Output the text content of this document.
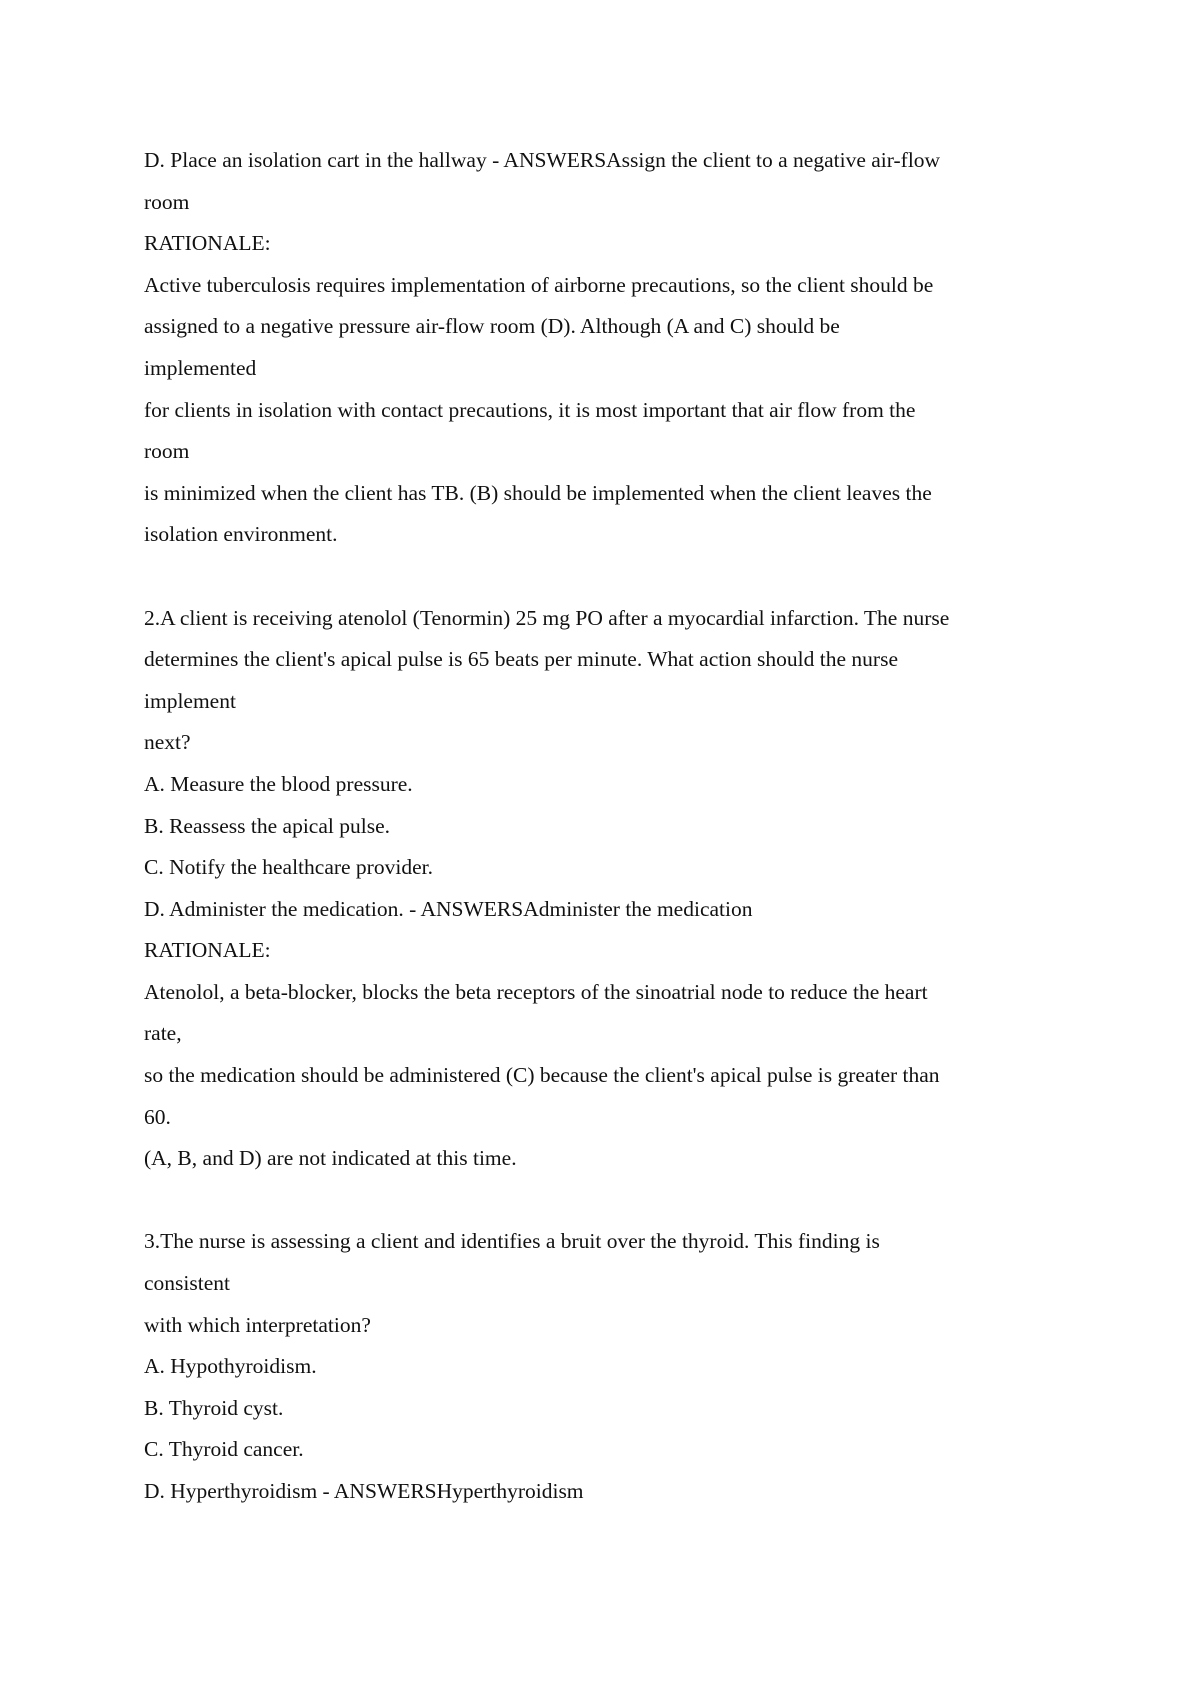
D. Place an isolation cart in the hallway - ANSWERSAssign the client to a negative air-flow
room
RATIONALE:
Active tuberculosis requires implementation of airborne precautions, so the client should be
assigned to a negative pressure air-flow room (D). Although (A and C) should be
implemented
for clients in isolation with contact precautions, it is most important that air flow from the
room
is minimized when the client has TB. (B) should be implemented when the client leaves the
isolation environment.
2.A client is receiving atenolol (Tenormin) 25 mg PO after a myocardial infarction. The nurse
determines the client's apical pulse is 65 beats per minute. What action should the nurse
implement
next?
A. Measure the blood pressure.
B. Reassess the apical pulse.
C. Notify the healthcare provider.
D. Administer the medication. - ANSWERSAdminister the medication
RATIONALE:
Atenolol, a beta-blocker, blocks the beta receptors of the sinoatrial node to reduce the heart
rate,
so the medication should be administered (C) because the client's apical pulse is greater than
60.
(A, B, and D) are not indicated at this time.
3.The nurse is assessing a client and identifies a bruit over the thyroid. This finding is
consistent
with which interpretation?
A. Hypothyroidism.
B. Thyroid cyst.
C. Thyroid cancer.
D. Hyperthyroidism - ANSWERSHyperthyroidism
